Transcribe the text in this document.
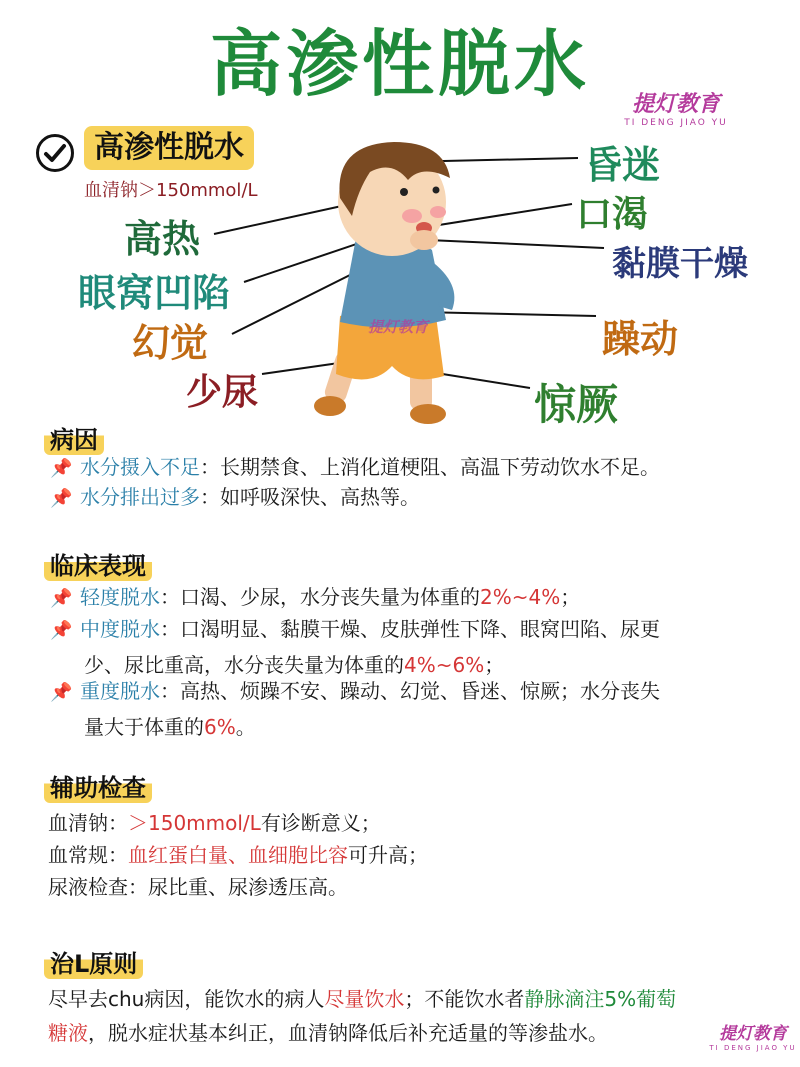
高渗性脱水	提灯教育
TI DENG JIAO YU
高渗性脱水
血清钠＞150mmol/L
提灯教育
昏迷
口渴
黏膜干燥
躁动
惊厥
高热
眼窝凹陷
幻觉
少尿
病因
📌 水分摄入不足：长期禁食、上消化道梗阻、高温下劳动饮水不足。
📌 水分排出过多：如呼吸深快、高热等。
临床表现
📌 轻度脱水：口渴、少尿，水分丧失量为体重的2%~4%；
📌 中度脱水：口渴明显、黏膜干燥、皮肤弹性下降、眼窝凹陷、尿更
少、尿比重高，水分丧失量为体重的4%~6%；
📌 重度脱水：高热、烦躁不安、躁动、幻觉、昏迷、惊厥；水分丧失
量大于体重的6%。
辅助检查
血清钠：＞150mmol/L有诊断意义；
血常规：血红蛋白量、血细胞比容可升高；
尿液检查：尿比重、尿渗透压高。
治L原则
尽早去chu病因，能饮水的病人尽量饮水；不能饮水者静脉滴注5%葡萄
糖液，脱水症状基本纠正，血清钠降低后补充适量的等渗盐水。	提灯教育
TI DENG JIAO YU
